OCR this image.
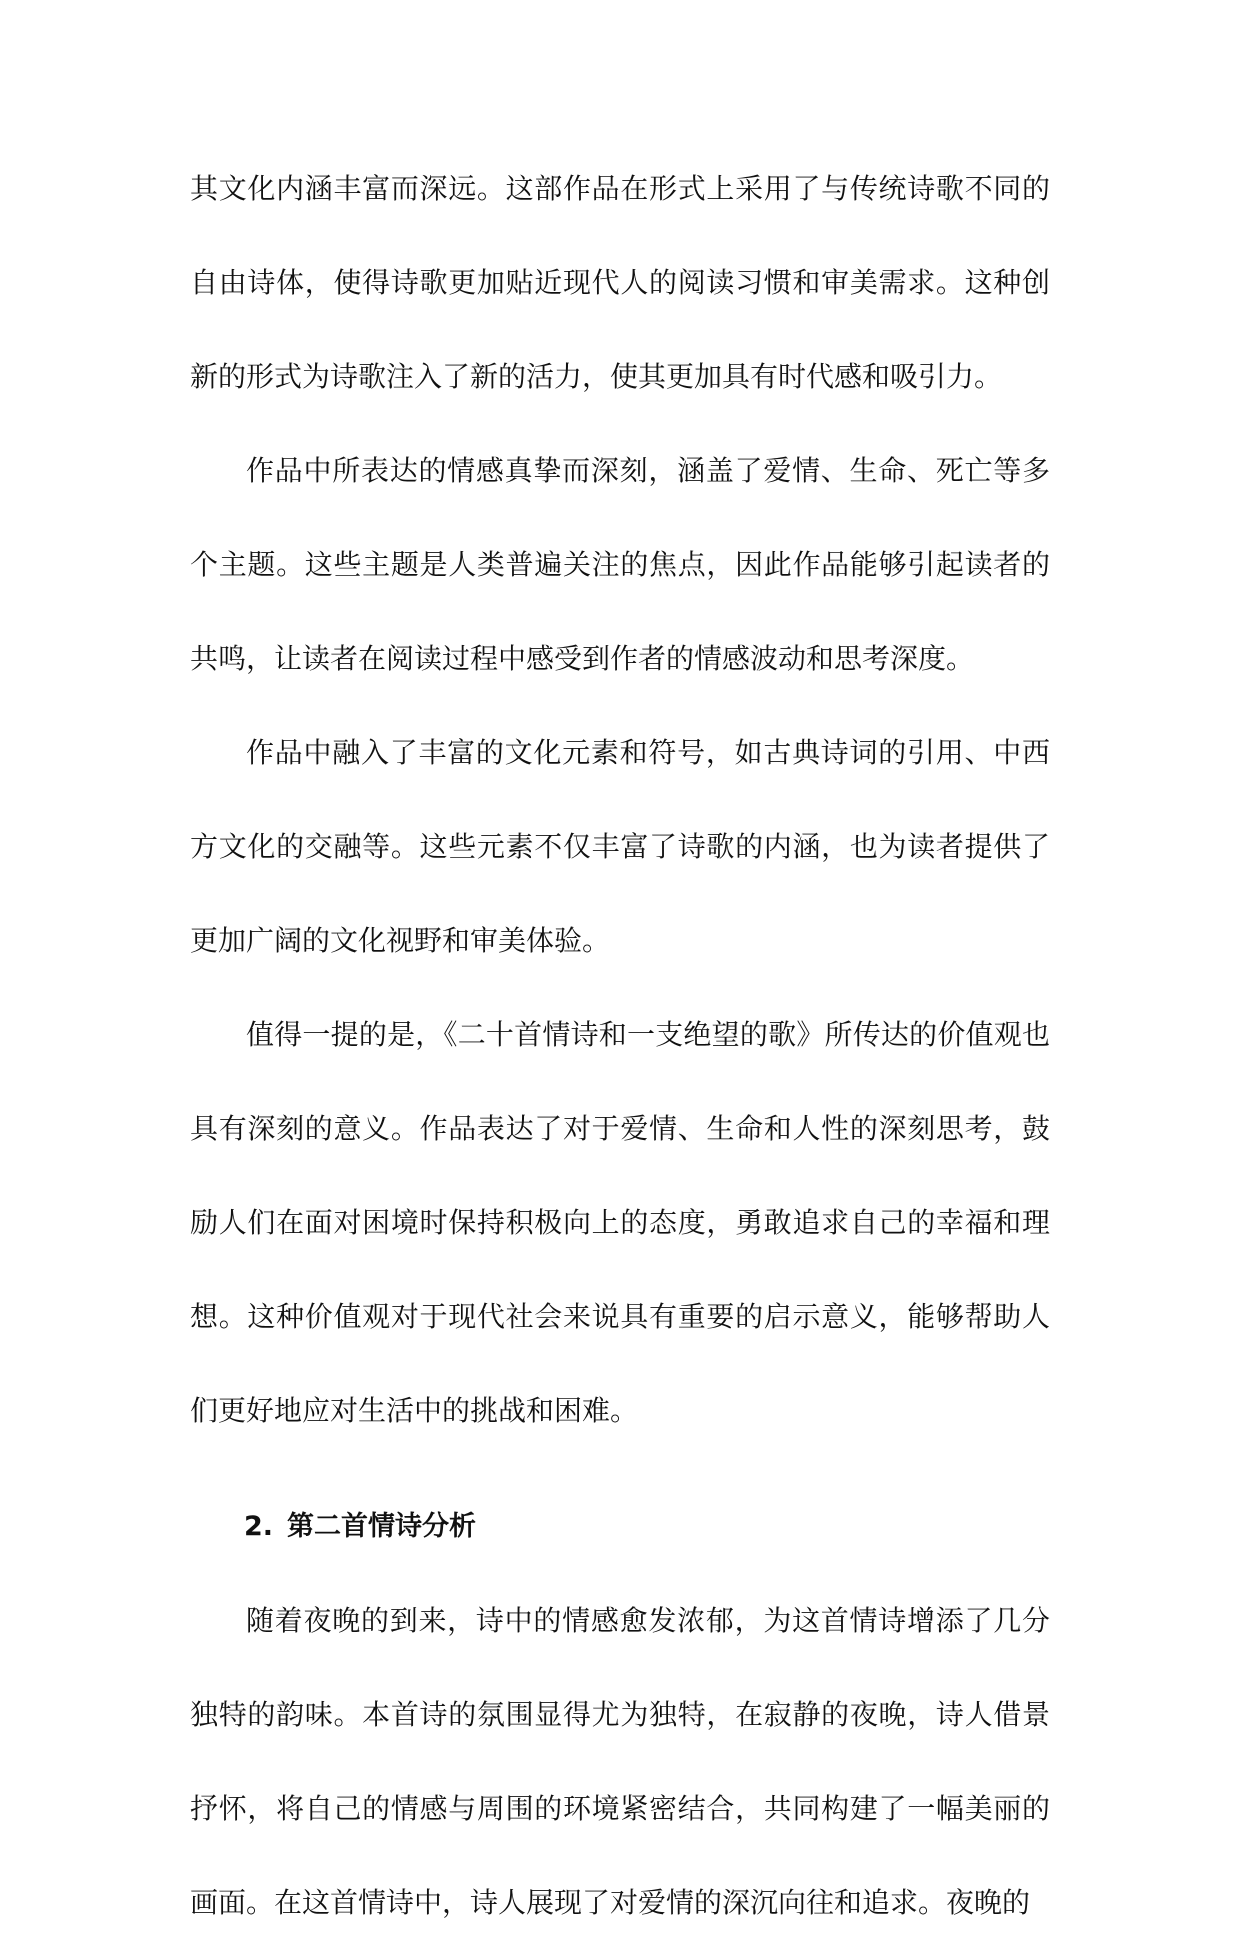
其文化内涵丰富而深远。这部作品在形式上采用了与传统诗歌不同的自由诗体，使得诗歌更加贴近现代人的阅读习惯和审美需求。这种创新的形式为诗歌注入了新的活力，使其更加具有时代感和吸引力。

作品中所表达的情感真挚而深刻，涵盖了爱情、生命、死亡等多个主题。这些主题是人类普遍关注的焦点，因此作品能够引起读者的共鸣，让读者在阅读过程中感受到作者的情感波动和思考深度。

作品中融入了丰富的文化元素和符号，如古典诗词的引用、中西方文化的交融等。这些元素不仅丰富了诗歌的内涵，也为读者提供了更加广阔的文化视野和审美体验。

值得一提的是，《二十首情诗和一支绝望的歌》所传达的价值观也具有深刻的意义。作品表达了对于爱情、生命和人性的深刻思考，鼓励人们在面对困境时保持积极向上的态度，勇敢追求自己的幸福和理想。这种价值观对于现代社会来说具有重要的启示意义，能够帮助人们更好地应对生活中的挑战和困难。

2. 第二首情诗分析

随着夜晚的到来，诗中的情感愈发浓郁，为这首情诗增添了几分独特的韵味。本首诗的氛围显得尤为独特，在寂静的夜晚，诗人借景抒怀，将自己的情感与周围的环境紧密结合，共同构建了一幅美丽的画面。在这首情诗中，诗人展现了对爱情的深沉向往和追求。夜晚的
